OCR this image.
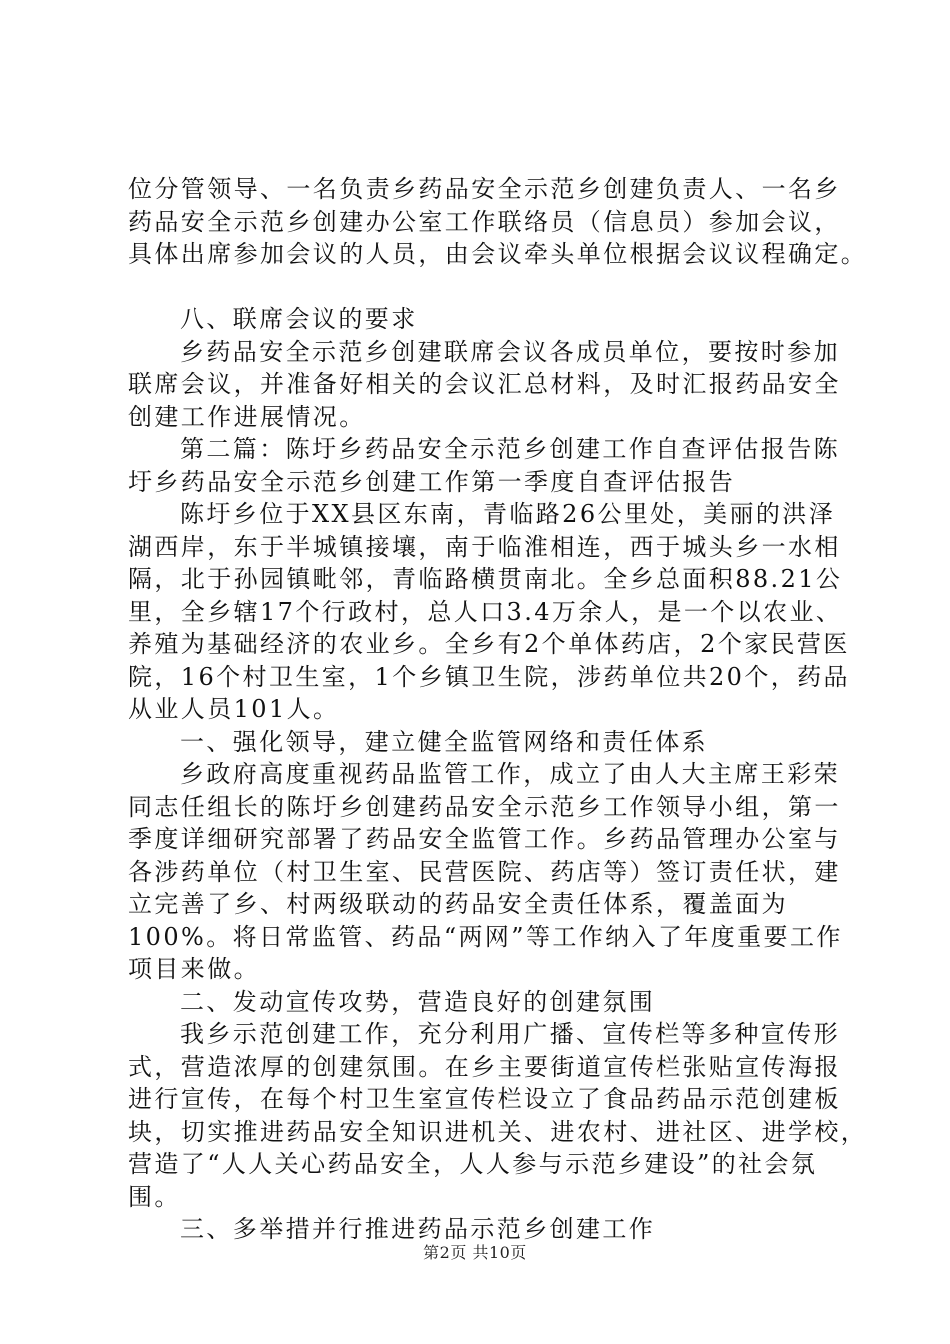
位分管领导、一名负责乡药品安全示范乡创建负责人、一名乡
药品安全示范乡创建办公室工作联络员（信息员）参加会议，
具体出席参加会议的人员，由会议牵头单位根据会议议程确定。
八、联席会议的要求
乡药品安全示范乡创建联席会议各成员单位，要按时参加
联席会议，并准备好相关的会议汇总材料，及时汇报药品安全
创建工作进展情况。
第二篇：陈圩乡药品安全示范乡创建工作自查评估报告陈
圩乡药品安全示范乡创建工作第一季度自查评估报告
陈圩乡位于XX县区东南，青临路26公里处，美丽的洪泽
湖西岸，东于半城镇接壤，南于临淮相连，西于城头乡一水相
隔，北于孙园镇毗邻，青临路横贯南北。全乡总面积88.21公
里，全乡辖17个行政村，总人口3.4万余人，是一个以农业、
养殖为基础经济的农业乡。全乡有2个单体药店，2个家民营医
院，16个村卫生室，1个乡镇卫生院，涉药单位共20个，药品
从业人员101人。
一、强化领导，建立健全监管网络和责任体系
乡政府高度重视药品监管工作，成立了由人大主席王彩荣
同志任组长的陈圩乡创建药品安全示范乡工作领导小组，第一
季度详细研究部署了药品安全监管工作。乡药品管理办公室与
各涉药单位（村卫生室、民营医院、药店等）签订责任状，建
立完善了乡、村两级联动的药品安全责任体系，覆盖面为
100%。将日常监管、药品“两网”等工作纳入了年度重要工作
项目来做。
二、发动宣传攻势，营造良好的创建氛围
我乡示范创建工作，充分利用广播、宣传栏等多种宣传形
式，营造浓厚的创建氛围。在乡主要街道宣传栏张贴宣传海报
进行宣传，在每个村卫生室宣传栏设立了食品药品示范创建板
块，切实推进药品安全知识进机关、进农村、进社区、进学校，
营造了“人人关心药品安全，人人参与示范乡建设”的社会氛
围。
三、多举措并行推进药品示范乡创建工作
第2页 共10页
